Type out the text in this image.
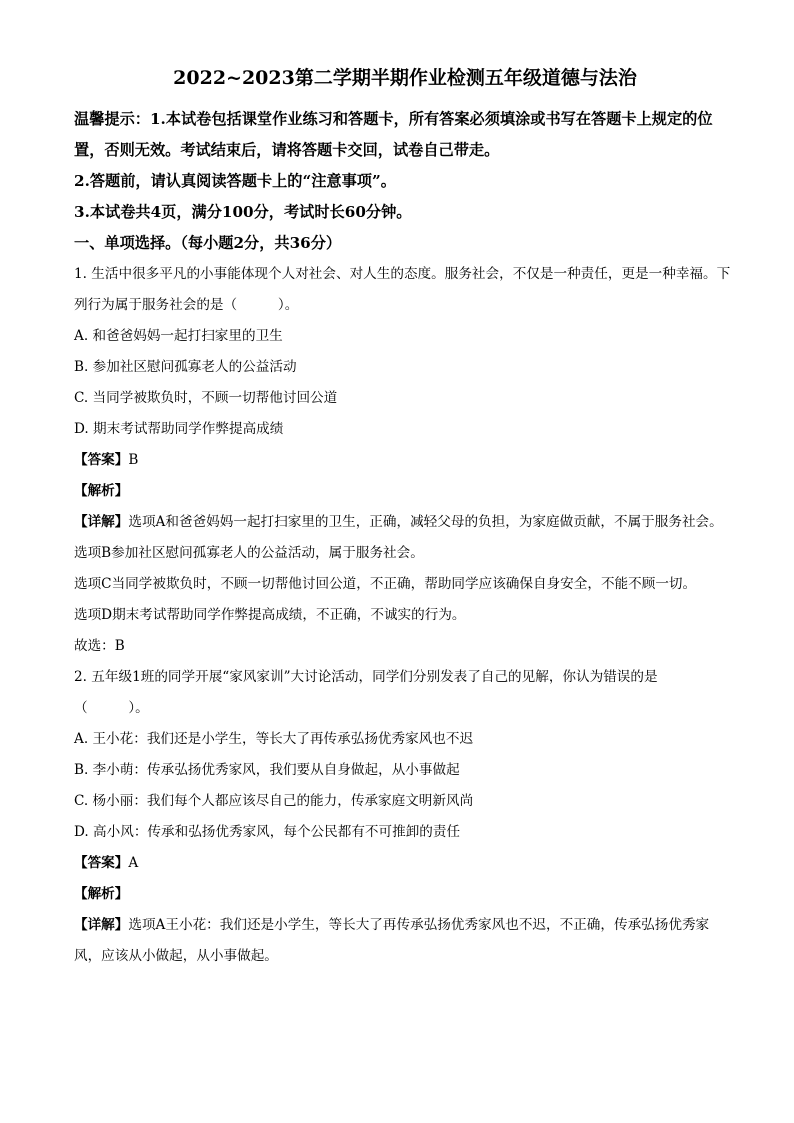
2022~2023第二学期半期作业检测五年级道德与法治

温馨提示：1.本试卷包括课堂作业练习和答题卡，所有答案必须填涂或书写在答题卡上规定的位置，否则无效。考试结束后，请将答题卡交回，试卷自己带走。

2.答题前，请认真阅读答题卡上的“注意事项”。

3.本试卷共4页，满分100分，考试时长60分钟。

一、单项选择。（每小题2分，共36分）

1. 生活中很多平凡的小事能体现个人对社会、对人生的态度。服务社会，不仅是一种责任，更是一种幸福。下列行为属于服务社会的是（　　　）。

A. 和爸爸妈妈一起打扫家里的卫生

B. 参加社区慰问孤寡老人的公益活动

C. 当同学被欺负时，不顾一切帮他讨回公道

D. 期末考试帮助同学作弊提高成绩

【答案】B

【解析】

【详解】选项A和爸爸妈妈一起打扫家里的卫生，正确，减轻父母的负担，为家庭做贡献，不属于服务社会。

选项B参加社区慰问孤寡老人的公益活动，属于服务社会。

选项C当同学被欺负时，不顾一切帮他讨回公道，不正确，帮助同学应该确保自身安全，不能不顾一切。

选项D期末考试帮助同学作弊提高成绩，不正确，不诚实的行为。

故选：B

2. 五年级1班的同学开展“家风家训”大讨论活动，同学们分别发表了自己的见解，你认为错误的是（　　　）。

A. 王小花：我们还是小学生，等长大了再传承弘扬优秀家风也不迟

B. 李小萌：传承弘扬优秀家风，我们要从自身做起，从小事做起

C. 杨小丽：我们每个人都应该尽自己的能力，传承家庭文明新风尚

D. 高小风：传承和弘扬优秀家风，每个公民都有不可推卸的责任

【答案】A

【解析】

【详解】选项A王小花：我们还是小学生，等长大了再传承弘扬优秀家风也不迟，不正确，传承弘扬优秀家风，应该从小做起，从小事做起。
